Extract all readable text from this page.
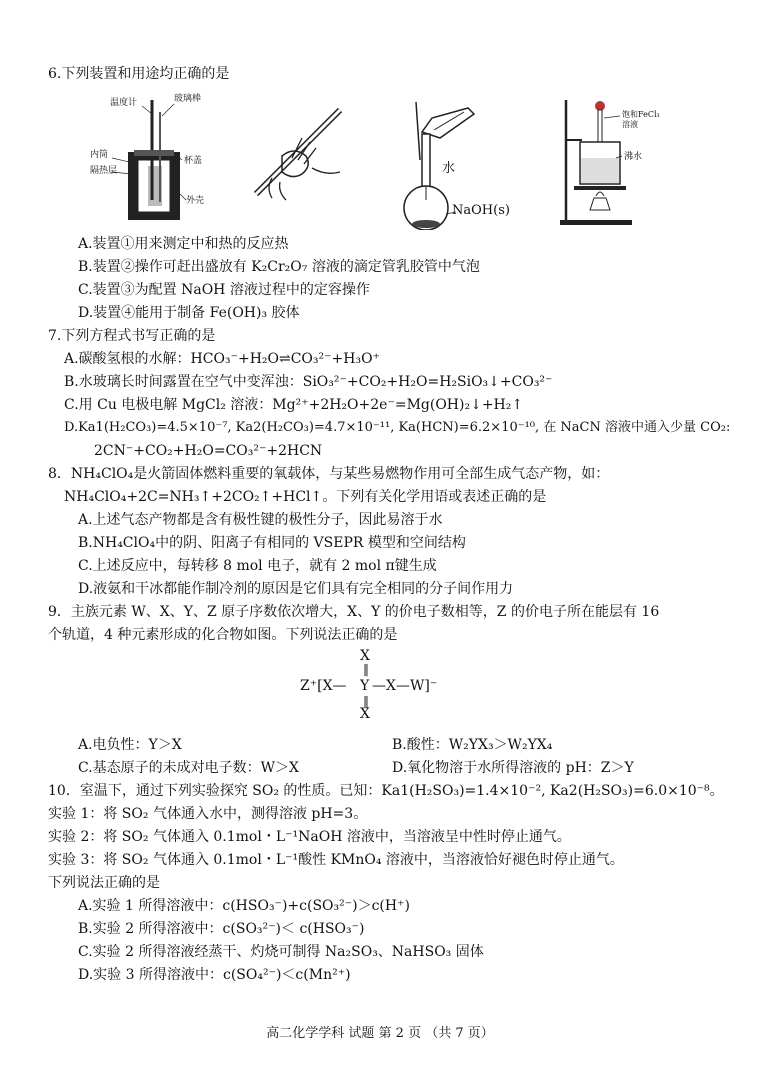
6.下列装置和用途均正确的是
温度计	玻璃棒
内筒
隔热层
杯盖
外壳
水
NaOH(s)
饱和FeCl₃溶液
沸水
A.装置①用来测定中和热的反应热
B.装置②操作可赶出盛放有 K₂Cr₂O₇ 溶液的滴定管乳胶管中气泡
C.装置③为配置 NaOH 溶液过程中的定容操作
D.装置④能用于制备 Fe(OH)₃ 胶体
7.下列方程式书写正确的是
A.碳酸氢根的水解：HCO₃⁻+H₂O⇌CO₃²⁻+H₃O⁺
B.水玻璃长时间露置在空气中变浑浊：SiO₃²⁻+CO₂+H₂O=H₂SiO₃↓+CO₃²⁻
C.用 Cu 电极电解 MgCl₂ 溶液：Mg²⁺+2H₂O+2e⁻=Mg(OH)₂↓+H₂↑
D.Ka1(H₂CO₃)=4.5×10⁻⁷, Ka2(H₂CO₃)=4.7×10⁻¹¹, Ka(HCN)=6.2×10⁻¹⁰, 在 NaCN 溶液中通入少量 CO₂:
2CN⁻+CO₂+H₂O=CO₃²⁻+2HCN
8．NH₄ClO₄是火箭固体燃料重要的氧载体，与某些易燃物作用可全部生成气态产物，如：
NH₄ClO₄+2C=NH₃↑+2CO₂↑+HCl↑。下列有关化学用语或表述正确的是
A.上述气态产物都是含有极性键的极性分子，因此易溶于水
B.NH₄ClO₄中的阴、阳离子有相同的 VSEPR 模型和空间结构
C.上述反应中，每转移 8 mol 电子，就有 2 mol π键生成
D.液氨和干冰都能作制冷剂的原因是它们具有完全相同的分子间作用力
9．主族元素 W、X、Y、Z 原子序数依次增大，X、Y 的价电子数相等，Z 的价电子所在能层有 16
个轨道，4 种元素形成的化合物如图。下列说法正确的是
X
‖
Z⁺[X— Y —X—W]⁻
‖
X
A.电负性：Y＞X	B.酸性：W₂YX₃＞W₂YX₄
C.基态原子的未成对电子数：W＞X	D.氧化物溶于水所得溶液的 pH：Z＞Y
10．室温下，通过下列实验探究 SO₂ 的性质。已知：Ka1(H₂SO₃)=1.4×10⁻², Ka2(H₂SO₃)=6.0×10⁻⁸。
实验 1：将 SO₂ 气体通入水中，测得溶液 pH=3。
实验 2：将 SO₂ 气体通入 0.1mol・L⁻¹NaOH 溶液中，当溶液呈中性时停止通气。
实验 3：将 SO₂ 气体通入 0.1mol・L⁻¹酸性 KMnO₄ 溶液中，当溶液恰好褪色时停止通气。
下列说法正确的是
A.实验 1 所得溶液中：c(HSO₃⁻)+c(SO₃²⁻)＞c(H⁺)
B.实验 2 所得溶液中：c(SO₃²⁻)＜ c(HSO₃⁻)
C.实验 2 所得溶液经蒸干、灼烧可制得 Na₂SO₃、NaHSO₃ 固体
D.实验 3 所得溶液中：c(SO₄²⁻)＜c(Mn²⁺)
高二化学学科 试题 第 2 页 （共 7 页）
